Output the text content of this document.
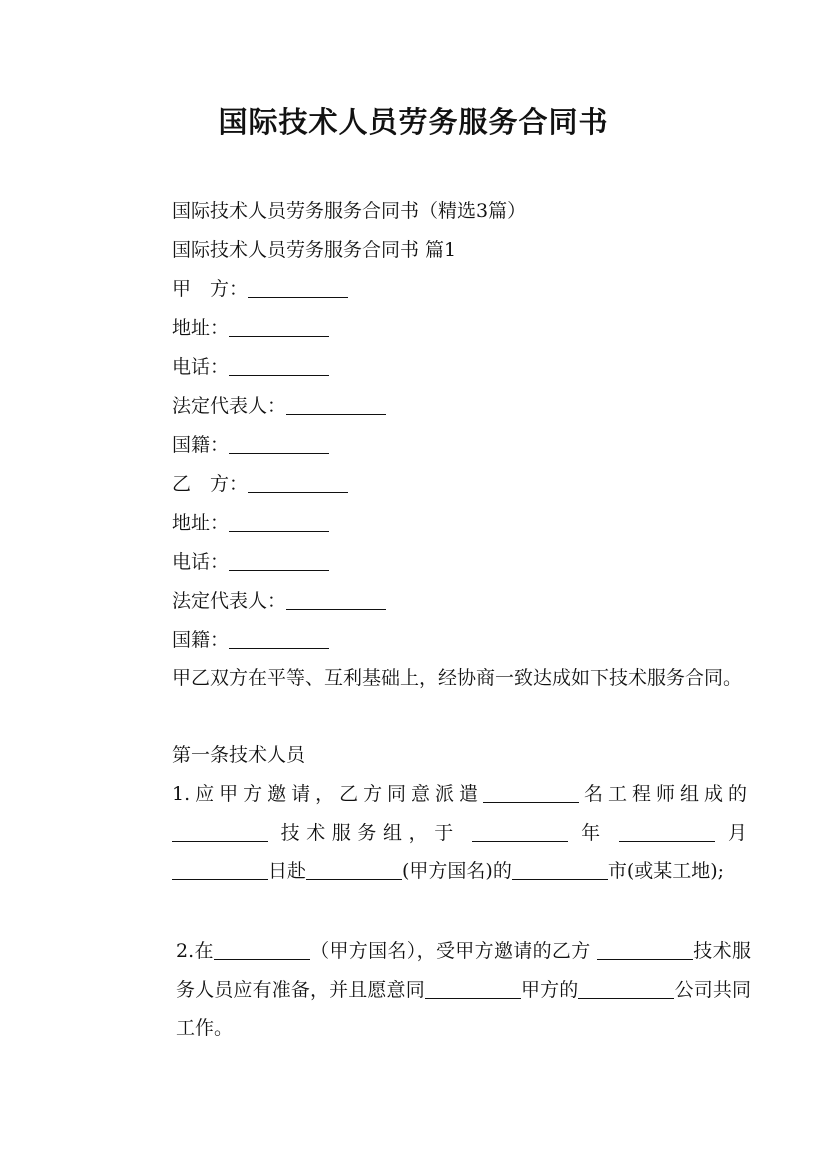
国际技术人员劳务服务合同书
国际技术人员劳务服务合同书（精选3篇）
国际技术人员劳务服务合同书 篇1
甲　方：
地址：
电话：
法定代表人：
国籍：
乙　方：
地址：
电话：
法定代表人：
国籍：
甲乙双方在平等、互利基础上，经协商一致达成如下技术服务合同。
第一条技术人员
1.应甲方邀请，乙方同意派遣	名工程师组成的  技术服务组，于	年	月 日赴	(甲方国名)的	市(或某工地);
2.在	（甲方国名），受甲方邀请的乙方	技术服务人员应有准备，并且愿意同	甲方的	公司共同工作。
